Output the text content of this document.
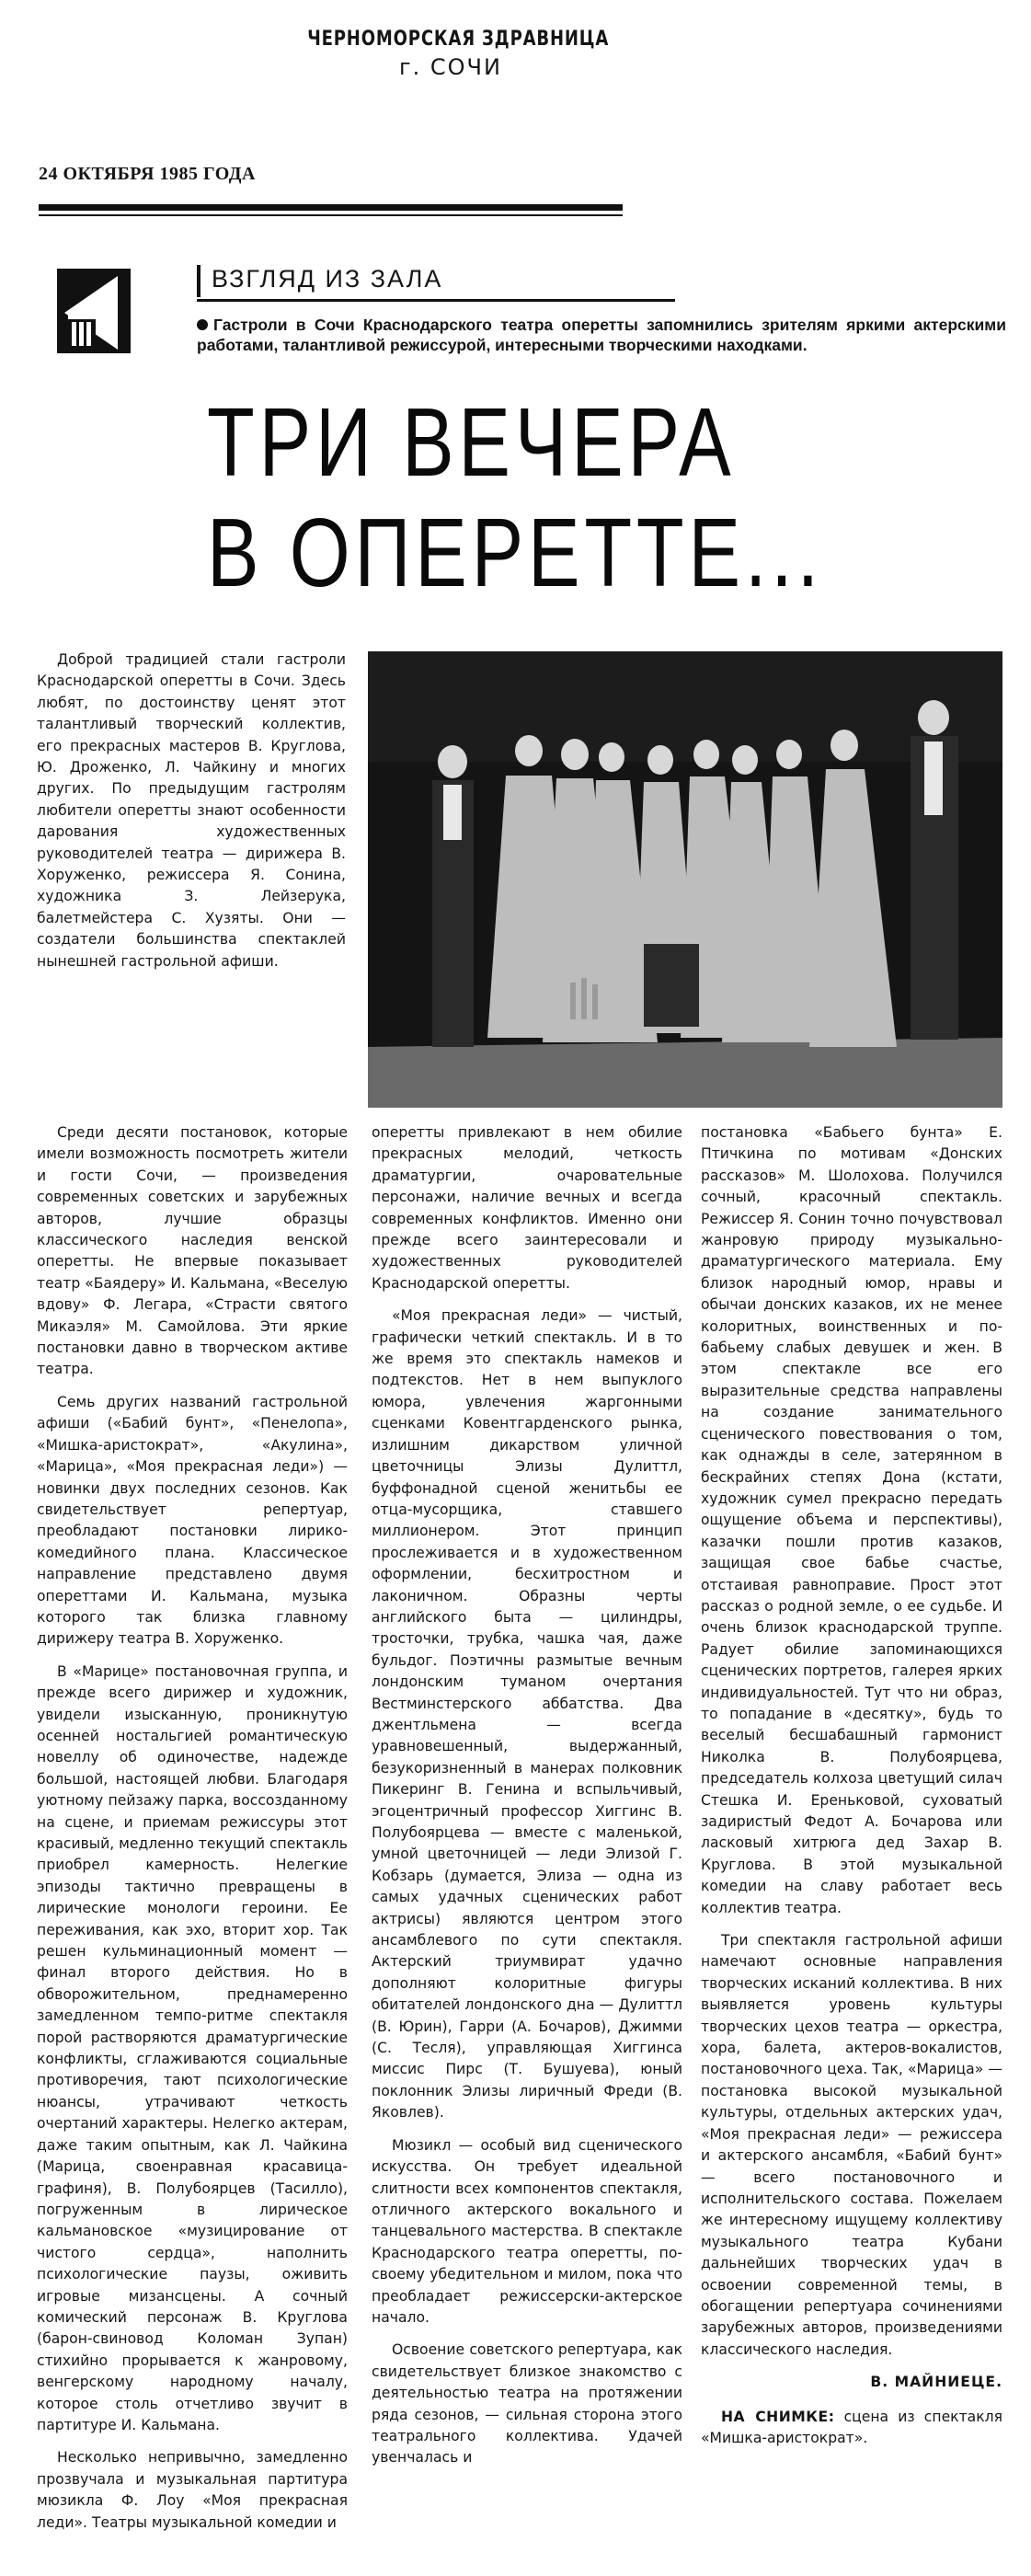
ЧЕРНОМОРСКАЯ ЗДРАВНИЦА
г. СОЧИ
24 ОКТЯБРЯ 1985 ГОДА
ВЗГЛЯД ИЗ ЗАЛА
Гастроли в Сочи Краснодарского театра оперетты запомнились зрителям яркими актерскими работами, талантливой режиссурой, интересными творческими находками.
ТРИ ВЕЧЕРА
В ОПЕРЕТТЕ...

Доброй традицией стали гастроли Краснодарской оперетты в Сочи. Здесь любят, по достоинству ценят этот талантливый творческий коллектив, его прекрасных мастеров В. Круглова, Ю. Дроженко, Л. Чайкину и многих других. По предыдущим гастролям любители оперетты знают особенности дарования художественных руководителей театра — дирижера В. Хоруженко, режиссера Я. Сонина, художника З. Лейзерука, балетмейстера С. Хузяты. Они — создатели большинства спектаклей нынешней гастрольной афиши.

Среди десяти постановок, которые имели возможность посмотреть жители и гости Сочи, — произведения современных советских и зарубежных авторов, лучшие образцы классического наследия венской оперетты. Не впервые показывает театр «Баядеру» И. Кальмана, «Веселую вдову» Ф. Легара, «Страсти святого Микаэля» М. Самойлова. Эти яркие постановки давно в творческом активе театра.

Семь других названий гастрольной афиши («Бабий бунт», «Пенелопа», «Мишка-аристократ», «Акулина», «Марица», «Моя прекрасная леди») — новинки двух последних сезонов. Как свидетельствует репертуар, преобладают постановки лирико-комедийного плана. Классическое направление представлено двумя опереттами И. Кальмана, музыка которого так близка главному дирижеру театра В. Хоруженко.

В «Марице» постановочная группа, и прежде всего дирижер и художник, увидели изысканную, проникнутую осенней ностальгией романтическую новеллу об одиночестве, надежде большой, настоящей любви. Благодаря уютному пейзажу парка, воссозданному на сцене, и приемам режиссуры этот красивый, медленно текущий спектакль приобрел камерность. Нелегкие эпизоды тактично превращены в лирические монологи героини. Ее переживания, как эхо, вторит хор. Так решен кульминационный момент — финал второго действия. Но в обворожительном, преднамеренно замедленном темпо-ритме спектакля порой растворяются драматургические конфликты, сглаживаются социальные противоречия, тают психологические нюансы, утрачивают четкость очертаний характеры. Нелегко актерам, даже таким опытным, как Л. Чайкина (Марица, своенравная красавица-графиня), В. Полубоярцев (Тасилло), погруженным в лирическое кальмановское «музицирование от чистого сердца», наполнить психологические паузы, оживить игровые мизансцены. А сочный комический персонаж В. Круглова (барон-свиновод Коломан Зупан) стихийно прорывается к жанровому, венгерскому народному началу, которое столь отчетливо звучит в партитуре И. Кальмана.

Несколько непривычно, замедленно прозвучала и музыкальная партитура мюзикла Ф. Лоу «Моя прекрасная леди». Театры музыкальной комедии и

оперетты привлекают в нем обилие прекрасных мелодий, четкость драматургии, очаровательные персонажи, наличие вечных и всегда современных конфликтов. Именно они прежде всего заинтересовали и художественных руководителей Краснодарской оперетты.

«Моя прекрасная леди» — чистый, графически четкий спектакль. И в то же время это спектакль намеков и подтекстов. Нет в нем выпуклого юмора, увлечения жаргонными сценками Ковентгарденского рынка, излишним дикарством уличной цветочницы Элизы Дулиттл, буффонадной сценой женитьбы ее отца-мусорщика, ставшего миллионером. Этот принцип прослеживается и в художественном оформлении, бесхитростном и лаконичном. Образны черты английского быта — цилиндры, тросточки, трубка, чашка чая, даже бульдог. Поэтичны размытые вечным лондонским туманом очертания Вестминстерского аббатства. Два джентльмена — всегда уравновешенный, выдержанный, безукоризненный в манерах полковник Пикеринг В. Генина и вспыльчивый, эгоцентричный профессор Хиггинс В. Полубоярцева — вместе с маленькой, умной цветочницей — леди Элизой Г. Кобзарь (думается, Элиза — одна из самых удачных сценических работ актрисы) являются центром этого ансамблевого по сути спектакля. Актерский триумвират удачно дополняют колоритные фигуры обитателей лондонского дна — Дулиттл (В. Юрин), Гарри (А. Бочаров), Джимми (С. Тесля), управляющая Хиггинса миссис Пирс (Т. Бушуева), юный поклонник Элизы лиричный Фреди (В. Яковлев).

Мюзикл — особый вид сценического искусства. Он требует идеальной слитности всех компонентов спектакля, отличного актерского вокального и танцевального мастерства. В спектакле Краснодарского театра оперетты, по-своему убедительном и милом, пока что преобладает режиссерски-актерское начало.

Освоение советского репертуара, как свидетельствует близкое знакомство с деятельностью театра на протяжении ряда сезонов, — сильная сторона этого театрального коллектива. Удачей увенчалась и

постановка «Бабьего бунта» Е. Птичкина по мотивам «Донских рассказов» М. Шолохова. Получился сочный, красочный спектакль. Режиссер Я. Сонин точно почувствовал жанровую природу музыкально-драматургического материала. Ему близок народный юмор, нравы и обычаи донских казаков, их не менее колоритных, воинственных и по-бабьему слабых девушек и жен. В этом спектакле все его выразительные средства направлены на создание занимательного сценического повествования о том, как однажды в селе, затерянном в бескрайних степях Дона (кстати, художник сумел прекрасно передать ощущение объема и перспективы), казачки пошли против казаков, защищая свое бабье счастье, отстаивая равноправие. Прост этот рассказ о родной земле, о ее судьбе. И очень близок краснодарской труппе. Радует обилие запоминающихся сценических портретов, галерея ярких индивидуальностей. Тут что ни образ, то попадание в «десятку», будь то веселый бесшабашный гармонист Николка В. Полубоярцева, председатель колхоза цветущий силач Стешка И. Ереньковой, суховатый задиристый Федот А. Бочарова или ласковый хитрюга дед Захар В. Круглова. В этой музыкальной комедии на славу работает весь коллектив театра.

Три спектакля гастрольной афиши намечают основные направления творческих исканий коллектива. В них выявляется уровень культуры творческих цехов театра — оркестра, хора, балета, актеров-вокалистов, постановочного цеха. Так, «Марица» — постановка высокой музыкальной культуры, отдельных актерских удач, «Моя прекрасная леди» — режиссера и актерского ансамбля, «Бабий бунт» — всего постановочного и исполнительского состава. Пожелаем же интересному ищущему коллективу музыкального театра Кубани дальнейших творческих удач в освоении современной темы, в обогащении репертуара сочинениями зарубежных авторов, произведениями классического наследия.

В. МАЙНИЕЦЕ.

НА СНИМКЕ: сцена из спектакля «Мишка-аристократ».
